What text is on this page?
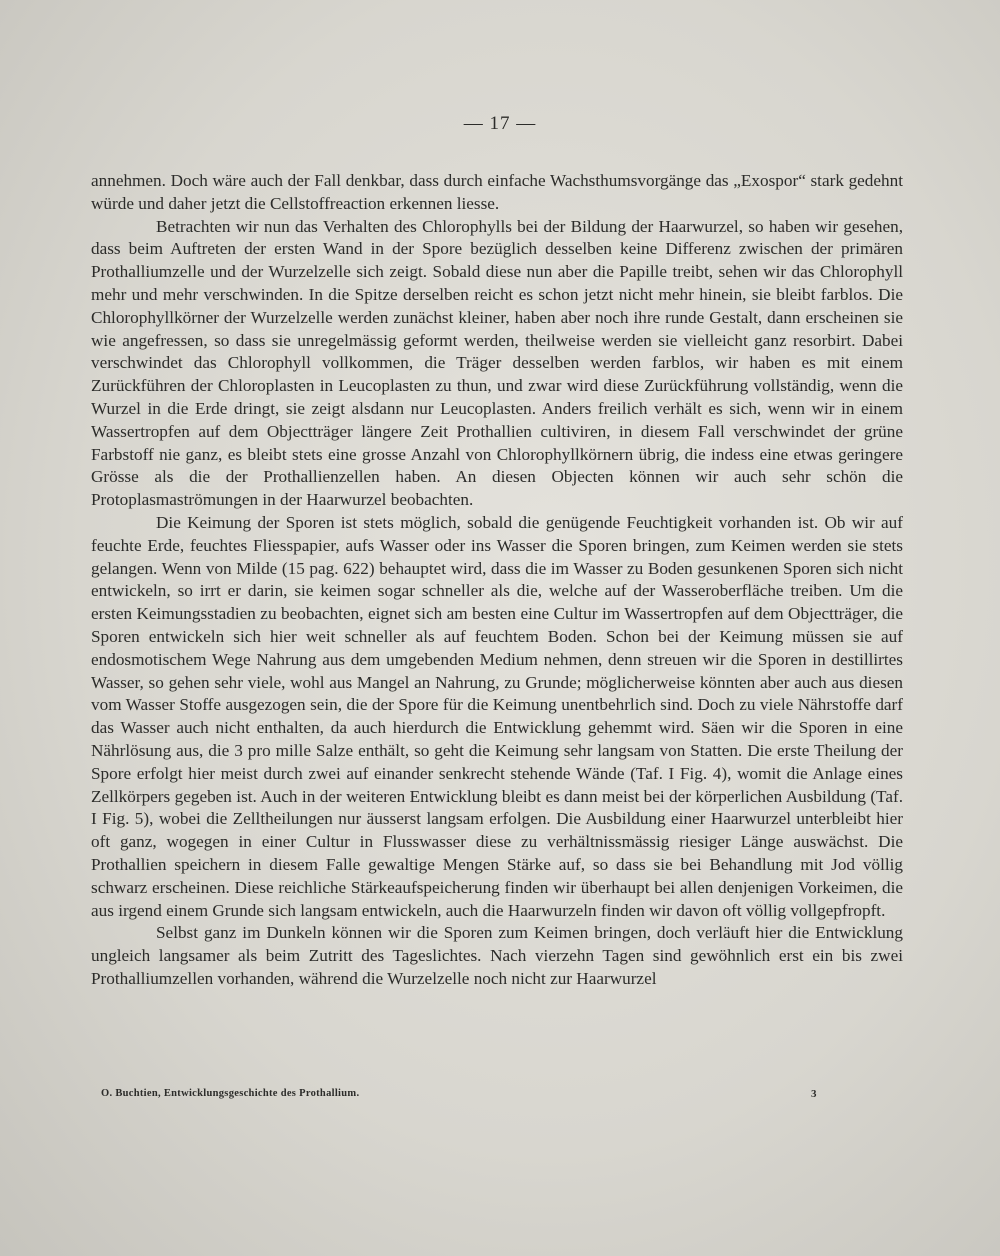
— 17 —

annehmen. Doch wäre auch der Fall denkbar, dass durch einfache Wachsthumsvorgänge das „Exospor“ stark gedehnt würde und daher jetzt die Cellstoffreaction erkennen liesse.

Betrachten wir nun das Verhalten des Chlorophylls bei der Bildung der Haarwurzel, so haben wir gesehen, dass beim Auftreten der ersten Wand in der Spore bezüglich desselben keine Differenz zwischen der primären Prothalliumzelle und der Wurzelzelle sich zeigt. Sobald diese nun aber die Papille treibt, sehen wir das Chlorophyll mehr und mehr verschwinden. In die Spitze derselben reicht es schon jetzt nicht mehr hinein, sie bleibt farblos. Die Chlorophyllkörner der Wurzelzelle werden zunächst kleiner, haben aber noch ihre runde Gestalt, dann erscheinen sie wie angefressen, so dass sie unregelmässig geformt werden, theilweise werden sie vielleicht ganz resorbirt. Dabei verschwindet das Chlorophyll vollkommen, die Träger desselben werden farblos, wir haben es mit einem Zurückführen der Chloroplasten in Leucoplasten zu thun, und zwar wird diese Zurückführung vollständig, wenn die Wurzel in die Erde dringt, sie zeigt alsdann nur Leucoplasten. Anders freilich verhält es sich, wenn wir in einem Wassertropfen auf dem Objectträger längere Zeit Prothallien cultiviren, in diesem Fall verschwindet der grüne Farbstoff nie ganz, es bleibt stets eine grosse Anzahl von Chlorophyllkörnern übrig, die indess eine etwas geringere Grösse als die der Prothallienzellen haben. An diesen Objecten können wir auch sehr schön die Protoplasmaströmungen in der Haarwurzel beobachten.

Die Keimung der Sporen ist stets möglich, sobald die genügende Feuchtigkeit vorhanden ist. Ob wir auf feuchte Erde, feuchtes Fliesspapier, aufs Wasser oder ins Wasser die Sporen bringen, zum Keimen werden sie stets gelangen. Wenn von Milde (15 pag. 622) behauptet wird, dass die im Wasser zu Boden gesunkenen Sporen sich nicht entwickeln, so irrt er darin, sie keimen sogar schneller als die, welche auf der Wasseroberfläche treiben. Um die ersten Keimungsstadien zu beobachten, eignet sich am besten eine Cultur im Wassertropfen auf dem Objectträger, die Sporen entwickeln sich hier weit schneller als auf feuchtem Boden. Schon bei der Keimung müssen sie auf endosmotischem Wege Nahrung aus dem umgebenden Medium nehmen, denn streuen wir die Sporen in destillirtes Wasser, so gehen sehr viele, wohl aus Mangel an Nahrung, zu Grunde; möglicherweise könnten aber auch aus diesen vom Wasser Stoffe ausgezogen sein, die der Spore für die Keimung unentbehrlich sind. Doch zu viele Nährstoffe darf das Wasser auch nicht enthalten, da auch hierdurch die Entwicklung gehemmt wird. Säen wir die Sporen in eine Nährlösung aus, die 3 pro mille Salze enthält, so geht die Keimung sehr langsam von Statten. Die erste Theilung der Spore erfolgt hier meist durch zwei auf einander senkrecht stehende Wände (Taf. I Fig. 4), womit die Anlage eines Zellkörpers gegeben ist. Auch in der weiteren Entwicklung bleibt es dann meist bei der körperlichen Ausbildung (Taf. I Fig. 5), wobei die Zelltheilungen nur äusserst langsam erfolgen. Die Ausbildung einer Haarwurzel unterbleibt hier oft ganz, wogegen in einer Cultur in Flusswasser diese zu verhältnissmässig riesiger Länge auswächst. Die Prothallien speichern in diesem Falle gewaltige Mengen Stärke auf, so dass sie bei Behandlung mit Jod völlig schwarz erscheinen. Diese reichliche Stärkeaufspeicherung finden wir überhaupt bei allen denjenigen Vorkeimen, die aus irgend einem Grunde sich langsam entwickeln, auch die Haarwurzeln finden wir davon oft völlig vollgepfropft.

Selbst ganz im Dunkeln können wir die Sporen zum Keimen bringen, doch verläuft hier die Entwicklung ungleich langsamer als beim Zutritt des Tageslichtes. Nach vierzehn Tagen sind gewöhnlich erst ein bis zwei Prothalliumzellen vorhanden, während die Wurzelzelle noch nicht zur Haarwurzel

O. Buchtien, Entwicklungsgeschichte des Prothallium.	3
